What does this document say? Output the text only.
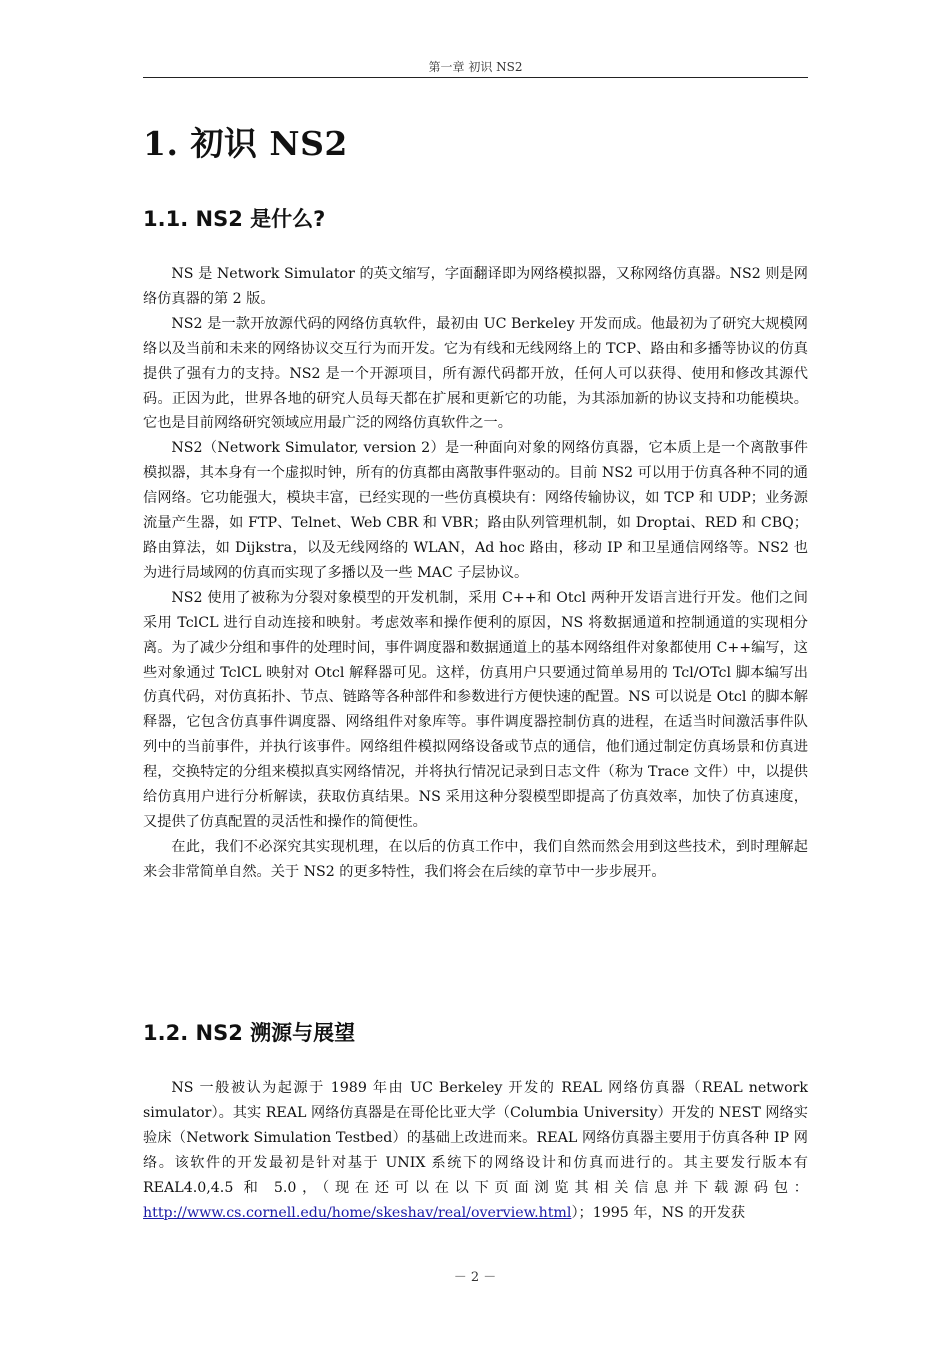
第一章 初识 NS2
1. 初识 NS2
1.1. NS2 是什么?

NS 是 Network Simulator 的英文缩写，字面翻译即为网络模拟器，又称网络仿真器。NS2 则是网络仿真器的第 2 版。

NS2 是一款开放源代码的网络仿真软件，最初由 UC Berkeley 开发而成。他最初为了研究大规模网络以及当前和未来的网络协议交互行为而开发。它为有线和无线网络上的 TCP、路由和多播等协议的仿真提供了强有力的支持。NS2 是一个开源项目，所有源代码都开放，任何人可以获得、使用和修改其源代码。正因为此，世界各地的研究人员每天都在扩展和更新它的功能，为其添加新的协议支持和功能模块。它也是目前网络研究领域应用最广泛的网络仿真软件之一。

NS2（Network Simulator, version 2）是一种面向对象的网络仿真器，它本质上是一个离散事件模拟器，其本身有一个虚拟时钟，所有的仿真都由离散事件驱动的。目前 NS2 可以用于仿真各种不同的通信网络。它功能强大，模块丰富，已经实现的一些仿真模块有：网络传输协议，如 TCP 和 UDP；业务源流量产生器，如 FTP、Telnet、Web CBR 和 VBR；路由队列管理机制，如 Droptai、RED 和 CBQ；路由算法，如 Dijkstra，以及无线网络的 WLAN，Ad hoc 路由，移动 IP 和卫星通信网络等。NS2 也为进行局域网的仿真而实现了多播以及一些 MAC 子层协议。

NS2 使用了被称为分裂对象模型的开发机制，采用 C++和 Otcl 两种开发语言进行开发。他们之间采用 TclCL 进行自动连接和映射。考虑效率和操作便利的原因，NS 将数据通道和控制通道的实现相分离。为了减少分组和事件的处理时间，事件调度器和数据通道上的基本网络组件对象都使用 C++编写，这些对象通过 TclCL 映射对 Otcl 解释器可见。这样，仿真用户只要通过简单易用的 Tcl/OTcl 脚本编写出仿真代码，对仿真拓扑、节点、链路等各种部件和参数进行方便快速的配置。NS 可以说是 Otcl 的脚本解释器，它包含仿真事件调度器、网络组件对象库等。事件调度器控制仿真的进程，在适当时间激活事件队列中的当前事件，并执行该事件。网络组件模拟网络设备或节点的通信，他们通过制定仿真场景和仿真进程，交换特定的分组来模拟真实网络情况，并将执行情况记录到日志文件（称为 Trace 文件）中，以提供给仿真用户进行分析解读，获取仿真结果。NS 采用这种分裂模型即提高了仿真效率，加快了仿真速度，又提供了仿真配置的灵活性和操作的简便性。

在此，我们不必深究其实现机理，在以后的仿真工作中，我们自然而然会用到这些技术，到时理解起来会非常简单自然。关于 NS2 的更多特性，我们将会在后续的章节中一步步展开。

1.2. NS2 溯源与展望

NS 一般被认为起源于 1989 年由 UC Berkeley 开发的 REAL 网络仿真器（REAL network simulator）。其实 REAL 网络仿真器是在哥伦比亚大学（Columbia University）开发的 NEST 网络实验床（Network Simulation Testbed）的基础上改进而来。REAL 网络仿真器主要用于仿真各种 IP 网络。该软件的开发最初是针对基于 UNIX 系统下的网络设计和仿真而进行的。其主要发行版本有 REAL4.0,4.5 和 5.0，（现在还可以在以下页面浏览其相关信息并下载源码包：http://www.cs.cornell.edu/home/skeshav/real/overview.html）；1995 年，NS 的开发获

－ 2 －
